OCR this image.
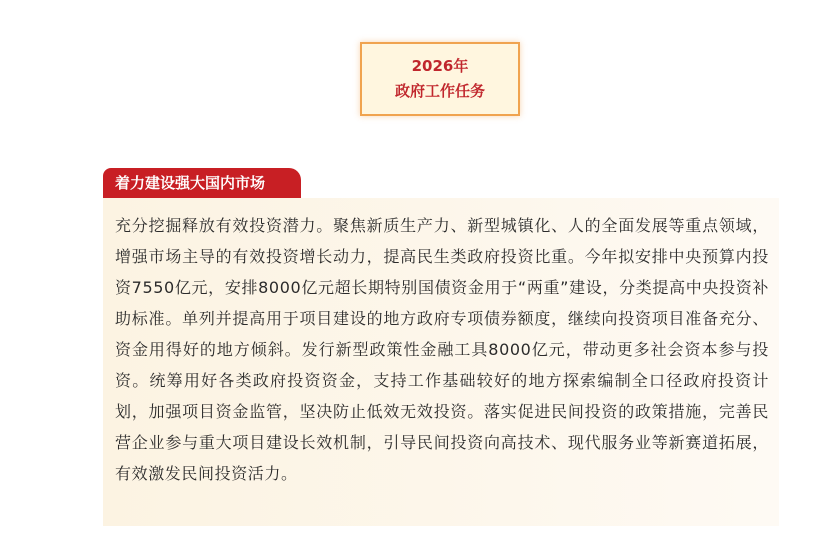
2026年
政府工作任务
着力建设强大国内市场

充分挖掘释放有效投资潜力。聚焦新质生产力、新型城镇化、人的全面发展等重点领域，增强市场主导的有效投资增长动力，提高民生类政府投资比重。今年拟安排中央预算内投资7550亿元，安排8000亿元超长期特别国债资金用于“两重”建设，分类提高中央投资补助标准。单列并提高用于项目建设的地方政府专项债券额度，继续向投资项目准备充分、资金用得好的地方倾斜。发行新型政策性金融工具8000亿元，带动更多社会资本参与投资。统筹用好各类政府投资资金，支持工作基础较好的地方探索编制全口径政府投资计划，加强项目资金监管，坚决防止低效无效投资。落实促进民间投资的政策措施，完善民营企业参与重大项目建设长效机制，引导民间投资向高技术、现代服务业等新赛道拓展，有效激发民间投资活力。
